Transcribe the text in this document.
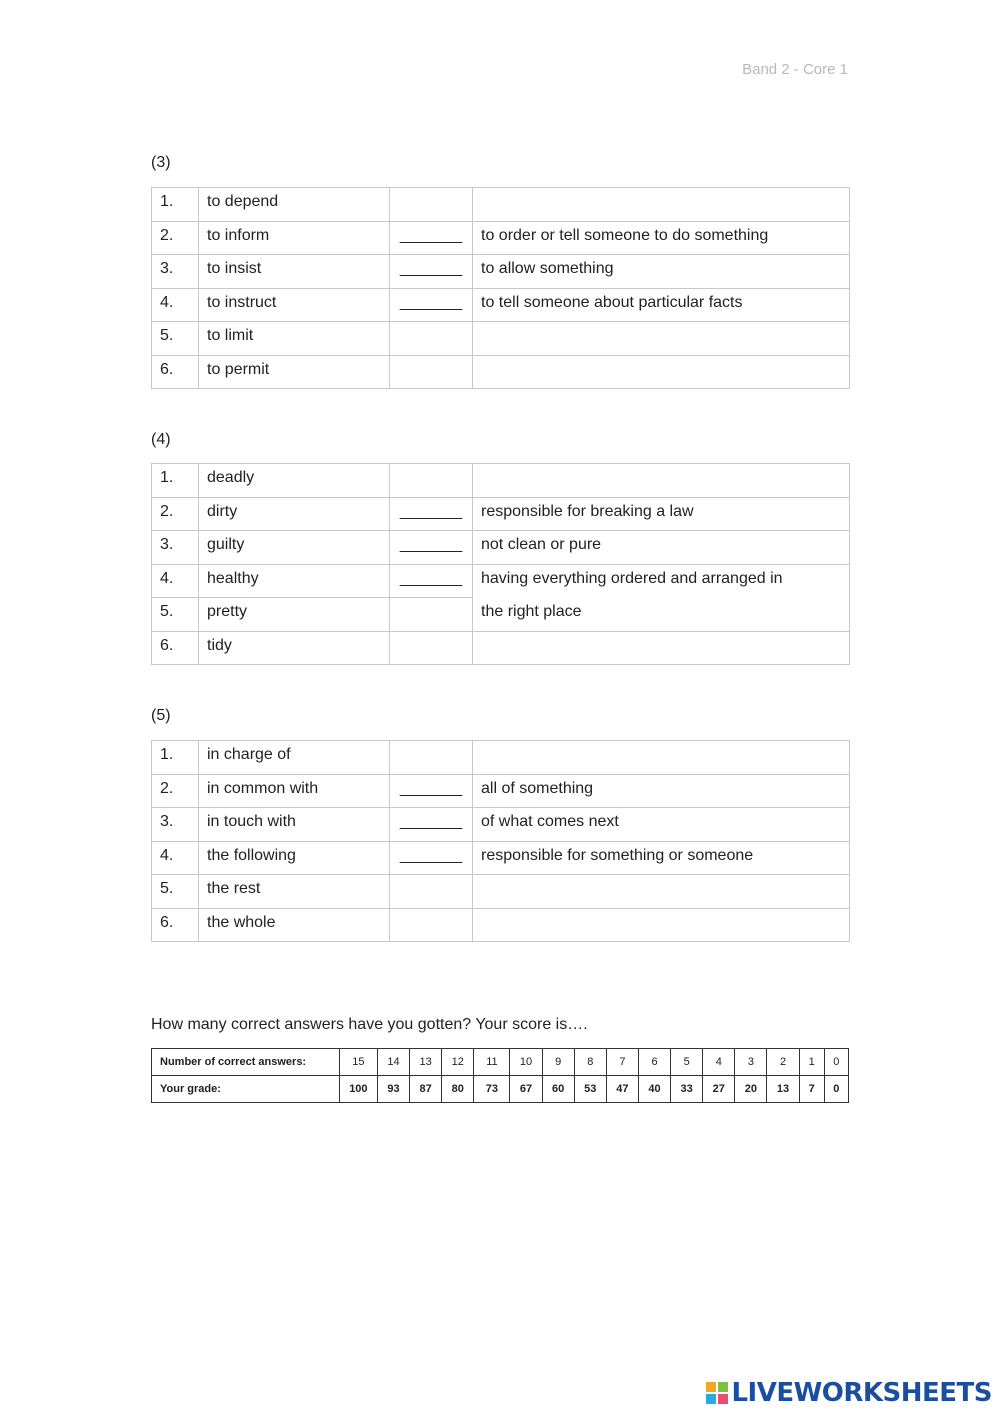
Band 2 - Core 1
(3)
1.	to depend		
2.	to inform	_______	to order or tell someone to do something
3.	to insist	_______	to allow something
4.	to instruct	_______	to tell someone about particular facts
5.	to limit		
6.	to permit		
(4)
1.	deadly		
2.	dirty	_______	responsible for breaking a law
3.	guilty	_______	not clean or pure
4.	healthy	_______	having everything ordered and arranged in
5.	pretty		the right place
6.	tidy		
(5)
1.	in charge of		
2.	in common with	_______	all of something
3.	in touch with	_______	of what comes next
4.	the following	_______	responsible for something or someone
5.	the rest		
6.	the whole		
How many correct answers have you gotten? Your score is….
Number of correct answers:	15	14	13	12	11	10	9	8	7	6	5	4	3	2	1	0
Your grade:	100	93	87	80	73	67	60	53	47	40	33	27	20	13	7	0
LIVEWORKSHEETS
